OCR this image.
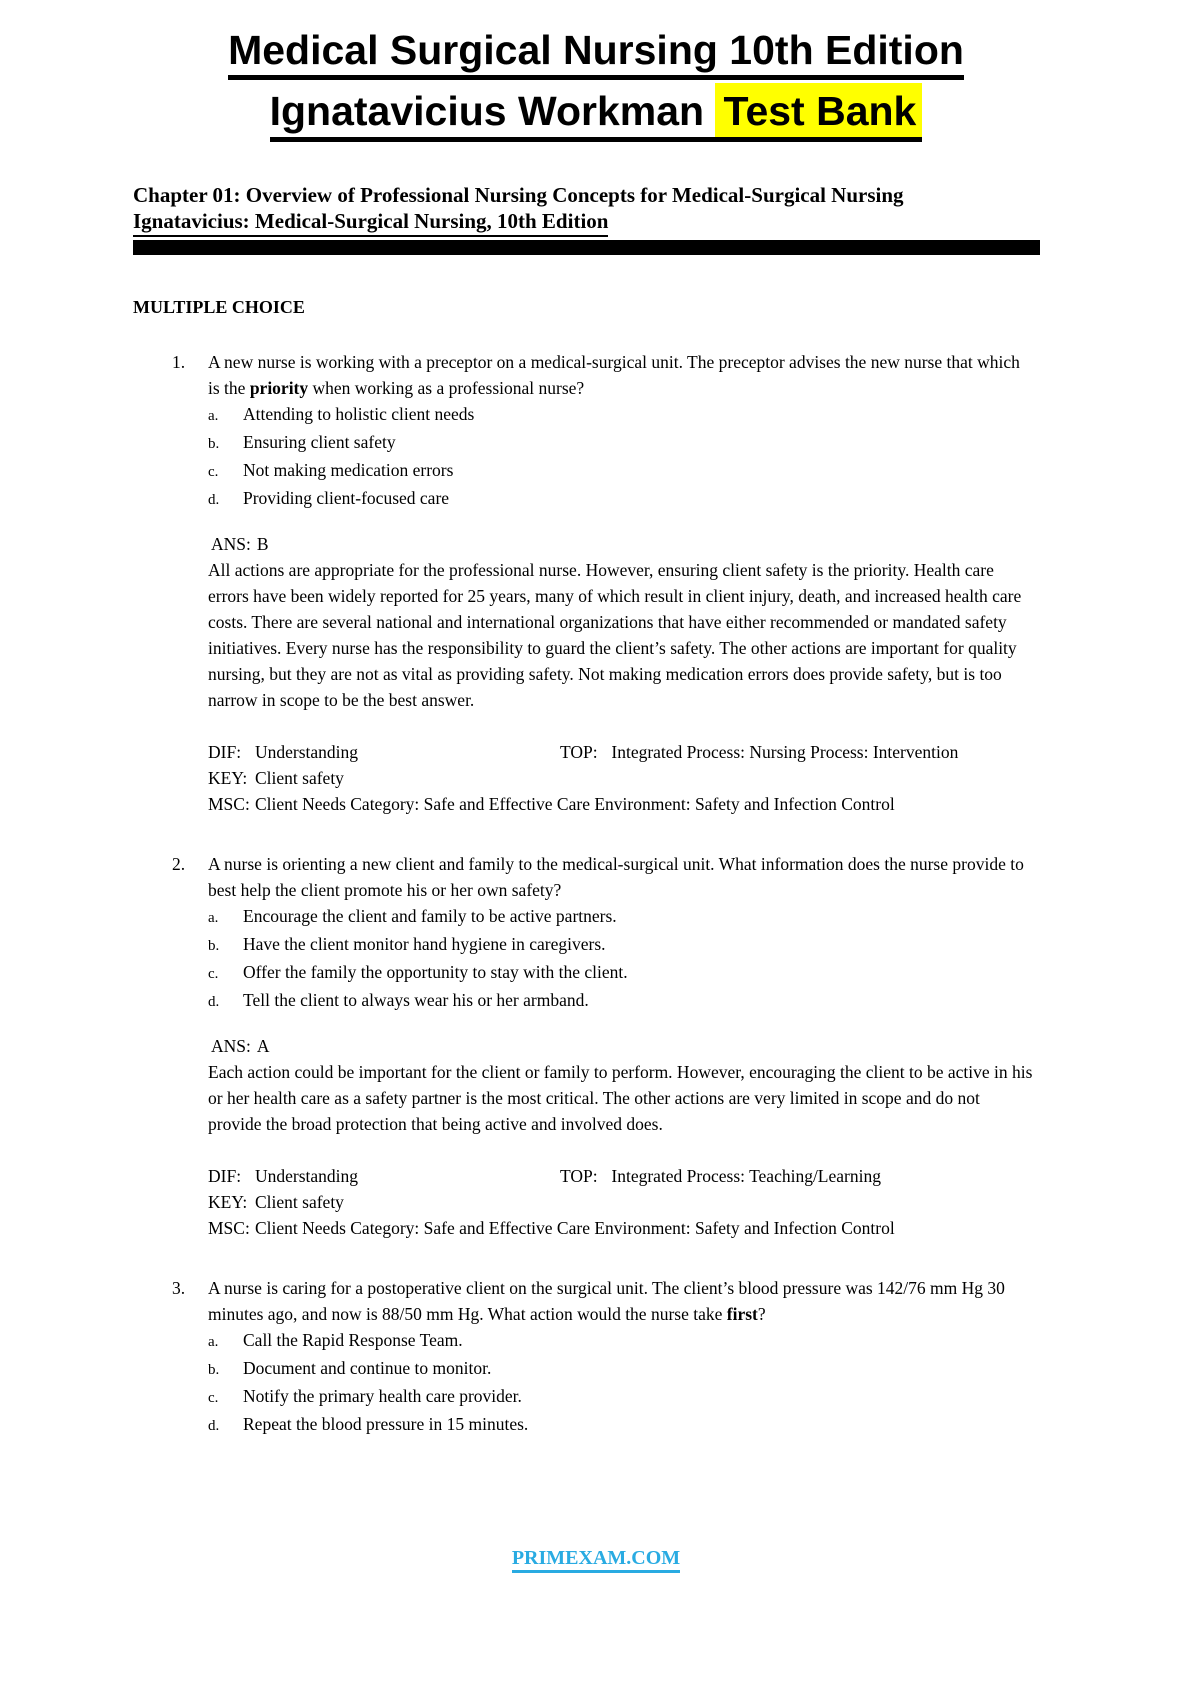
Medical Surgical Nursing 10th Edition
Ignatavicius Workman Test Bank
Chapter 01: Overview of Professional Nursing Concepts for Medical-Surgical Nursing
Ignatavicius: Medical-Surgical Nursing, 10th Edition
MULTIPLE CHOICE
1.	A new nurse is working with a preceptor on a medical-surgical unit. The preceptor advises the new nurse that which is the priority when working as a professional nurse?

a.	Attending to holistic client needs
b.	Ensuring client safety
c.	Not making medication errors
d.	Providing client-focused care
ANS: B

All actions are appropriate for the professional nurse. However, ensuring client safety is the priority. Health care errors have been widely reported for 25 years, many of which result in client injury, death, and increased health care costs. There are several national and international organizations that have either recommended or mandated safety initiatives. Every nurse has the responsibility to guard the client’s safety. The other actions are important for quality nursing, but they are not as vital as providing safety. Not making medication errors does provide safety, but is too narrow in scope to be the best answer.

DIF: Understanding	TOP: Integrated Process: Nursing Process: Intervention
KEY: Client safety
MSC: Client Needs Category: Safe and Effective Care Environment: Safety and Infection Control
2.	A nurse is orienting a new client and family to the medical-surgical unit. What information does the nurse provide to best help the client promote his or her own safety?

a.	Encourage the client and family to be active partners.
b.	Have the client monitor hand hygiene in caregivers.
c.	Offer the family the opportunity to stay with the client.
d.	Tell the client to always wear his or her armband.
ANS: A

Each action could be important for the client or family to perform. However, encouraging the client to be active in his or her health care as a safety partner is the most critical. The other actions are very limited in scope and do not provide the broad protection that being active and involved does.

DIF: Understanding	TOP: Integrated Process: Teaching/Learning
KEY: Client safety
MSC: Client Needs Category: Safe and Effective Care Environment: Safety and Infection Control
3.	A nurse is caring for a postoperative client on the surgical unit. The client’s blood pressure was 142/76 mm Hg 30 minutes ago, and now is 88/50 mm Hg. What action would the nurse take first?

a.	Call the Rapid Response Team.
b.	Document and continue to monitor.
c.	Notify the primary health care provider.
d.	Repeat the blood pressure in 15 minutes.
PRIMEXAM.COM
